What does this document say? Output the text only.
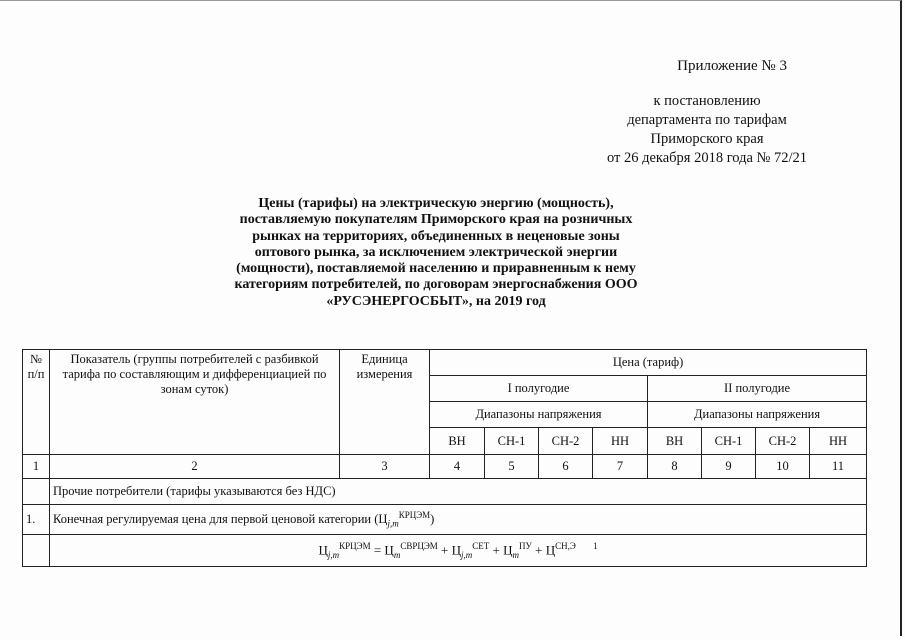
Приложение № 3
к постановлению
департамента по тарифам
Приморского края
от 26 декабря 2018 года № 72/21
Цены (тарифы) на электрическую энергию (мощность), поставляемую покупателям Приморского края на розничных рынках на территориях, объединенных в неценовые зоны оптового рынка, за исключением электрической энергии (мощности), поставляемой населению и приравненным к нему категориям потребителей, по договорам энергоснабжения ООО «РУСЭНЕРГОСБЫТ», на 2019 год
№ п/п	Показатель (группы потребителей с разбивкой тарифа по составляющим и дифференциацией по зонам суток)	Единица измерения	Цена (тариф)							
			I полугодие				II полугодие			
			Диапазоны напряжения				Диапазоны напряжения			
			ВН	СН-1	СН-2	НН	ВН	СН-1	СН-2	НН
1	2	3	4	5	6	7	8	9	10	11
	Прочие потребители (тарифы указываются без НДС)									
1.	Конечная регулируемая цена для первой ценовой категории $(Ц_{j,m}^{КРЦЭМ})$									
	$Ц_{j,m}^{КРЦЭМ} = Ц_m^{СВРЦЭМ} + Ц_{j,m}^{СЕТ} + Ц_m^{ПУ} + Ц^{СН,Э}$ $^1$
